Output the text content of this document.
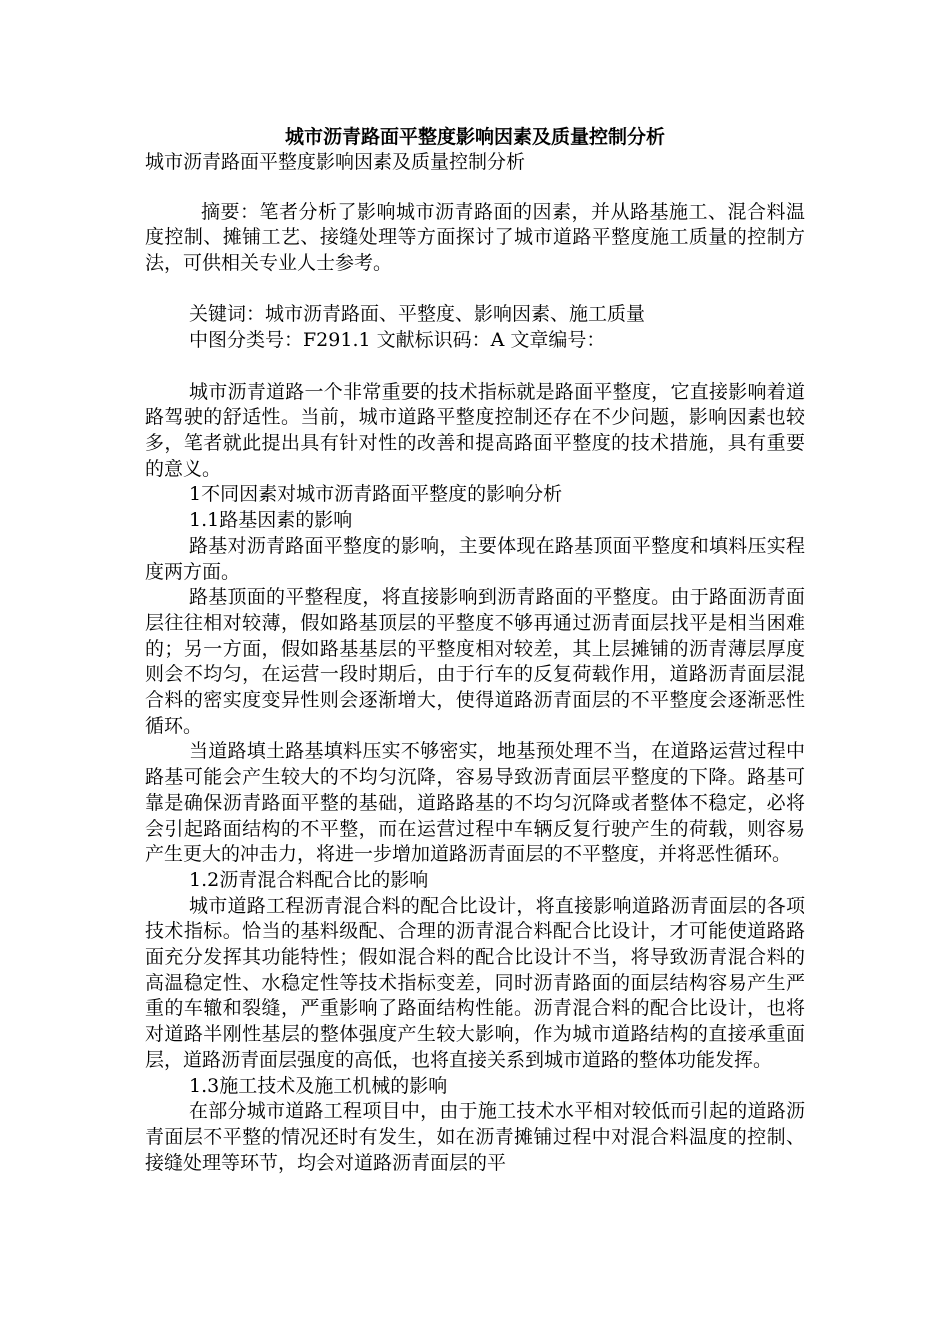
城市沥青路面平整度影响因素及质量控制分析

城市沥青路面平整度影响因素及质量控制分析

摘要：笔者分析了影响城市沥青路面的因素，并从路基施工、混合料温度控制、摊铺工艺、接缝处理等方面探讨了城市道路平整度施工质量的控制方法，可供相关专业人士参考。

关键词：城市沥青路面、平整度、影响因素、施工质量

中图分类号：F291.1 文献标识码：A 文章编号：

城市沥青道路一个非常重要的技术指标就是路面平整度，它直接影响着道路驾驶的舒适性。当前，城市道路平整度控制还存在不少问题，影响因素也较多，笔者就此提出具有针对性的改善和提高路面平整度的技术措施，具有重要的意义。

1不同因素对城市沥青路面平整度的影响分析

1.1路基因素的影响

路基对沥青路面平整度的影响，主要体现在路基顶面平整度和填料压实程度两方面。

路基顶面的平整程度，将直接影响到沥青路面的平整度。由于路面沥青面层往往相对较薄，假如路基顶层的平整度不够再通过沥青面层找平是相当困难的；另一方面，假如路基基层的平整度相对较差，其上层摊铺的沥青薄层厚度则会不均匀，在运营一段时期后，由于行车的反复荷载作用，道路沥青面层混合料的密实度变异性则会逐渐增大，使得道路沥青面层的不平整度会逐渐恶性循环。

当道路填土路基填料压实不够密实，地基预处理不当，在道路运营过程中路基可能会产生较大的不均匀沉降，容易导致沥青面层平整度的下降。路基可靠是确保沥青路面平整的基础，道路路基的不均匀沉降或者整体不稳定，必将会引起路面结构的不平整，而在运营过程中车辆反复行驶产生的荷载，则容易产生更大的冲击力，将进一步增加道路沥青面层的不平整度，并将恶性循环。

1.2沥青混合料配合比的影响

城市道路工程沥青混合料的配合比设计，将直接影响道路沥青面层的各项技术指标。恰当的基料级配、合理的沥青混合料配合比设计，才可能使道路路面充分发挥其功能特性；假如混合料的配合比设计不当，将导致沥青混合料的高温稳定性、水稳定性等技术指标变差，同时沥青路面的面层结构容易产生严重的车辙和裂缝，严重影响了路面结构性能。沥青混合料的配合比设计，也将对道路半刚性基层的整体强度产生较大影响，作为城市道路结构的直接承重面层，道路沥青面层强度的高低，也将直接关系到城市道路的整体功能发挥。

1.3施工技术及施工机械的影响

在部分城市道路工程项目中，由于施工技术水平相对较低而引起的道路沥青面层不平整的情况还时有发生，如在沥青摊铺过程中对混合料温度的控制、接缝处理等环节，均会对道路沥青面层的平
